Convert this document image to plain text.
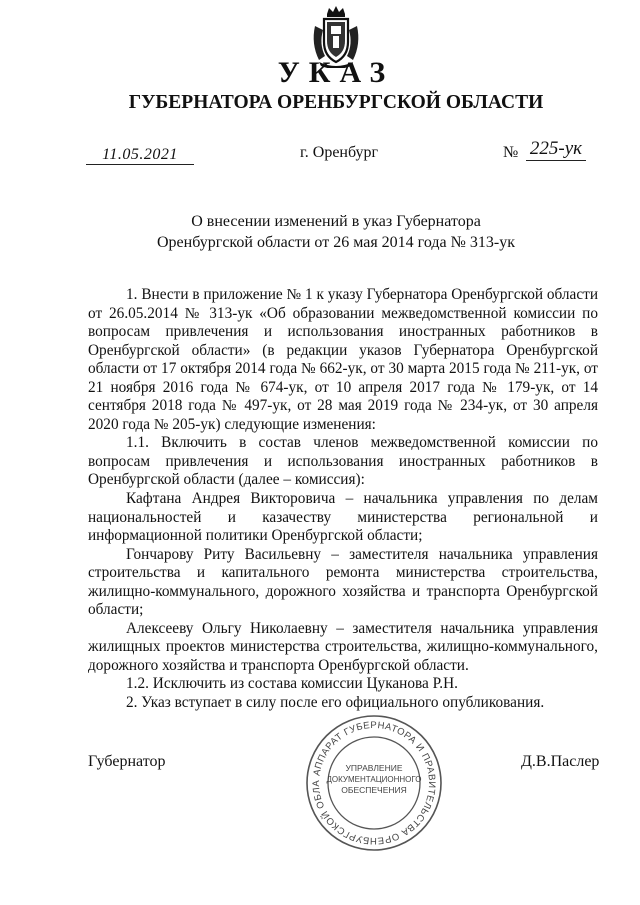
УКАЗ
ГУБЕРНАТОРА ОРЕНБУРГСКОЙ ОБЛАСТИ
11.05.2021	г. Оренбург	№ 225-ук
О внесении изменений в указ Губернатора Оренбургской области от 26 мая 2014 года № 313-ук

1. Внести в приложение № 1 к указу Губернатора Оренбургской области от 26.05.2014 № 313-ук «Об образовании межведомственной комиссии по вопросам привлечения и использования иностранных работников в Оренбургской области» (в редакции указов Губернатора Оренбургской области от 17 октября 2014 года № 662-ук, от 30 марта 2015 года № 211-ук, от 21 ноября 2016 года № 674-ук, от 10 апреля 2017 года № 179-ук, от 14 сентября 2018 года № 497-ук, от 28 мая 2019 года № 234-ук, от 30 апреля 2020 года № 205-ук) следующие изменения:

1.1. Включить в состав членов межведомственной комиссии по вопросам привлечения и использования иностранных работников в Оренбургской области (далее – комиссия):

Кафтана Андрея Викторовича – начальника управления по делам национальностей и казачеству министерства региональной и информационной политики Оренбургской области;

Гончарову Риту Васильевну – заместителя начальника управления строительства и капитального ремонта министерства строительства, жилищно-коммунального, дорожного хозяйства и транспорта Оренбургской области;

Алексееву Ольгу Николаевну – заместителя начальника управления жилищных проектов министерства строительства, жилищно-коммунального, дорожного хозяйства и транспорта Оренбургской области.

1.2. Исключить из состава комиссии Цуканова Р.Н.

2. Указ вступает в силу после его официального опубликования.

Губернатор	Д.В.Паслер
АППАРАТ ГУБЕРНАТОРА И ПРАВИТЕЛЬСТВА ОРЕНБУРГСКОЙ ОБЛА
УПРАВЛЕНИЕ
ДОКУМЕНТАЦИОННОГО
ОБЕСПЕЧЕНИЯ
